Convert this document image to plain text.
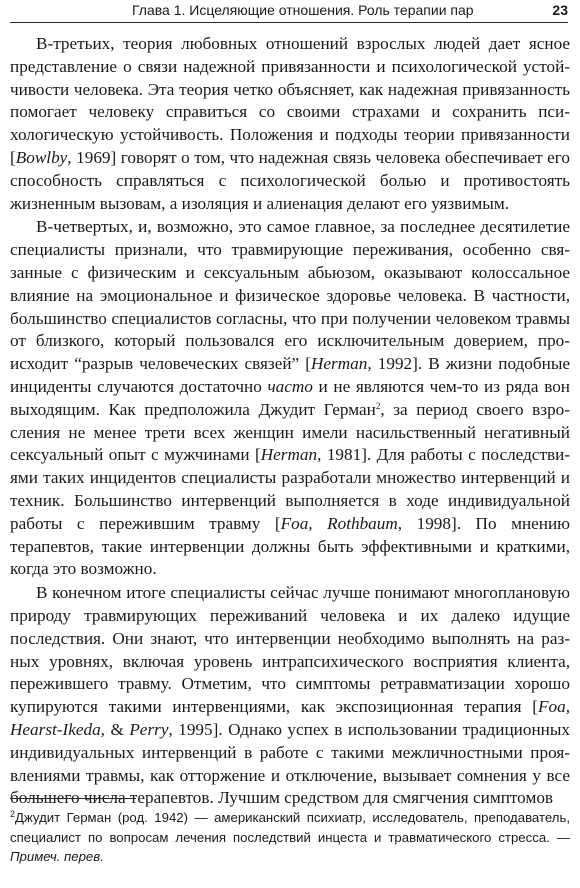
Глава 1. Исцеляющие отношения. Роль терапии пар	23

В-третьих, теория любовных отношений взрослых людей дает ясное представление о связи надежной привязанности и психологической устойчивости человека. Эта теория четко объясняет, как надежная привязанность помогает человеку справиться со своими страхами и сохранить психологическую устойчивость. Положения и подходы теории привязанности [Bowlby, 1969] говорят о том, что надежная связь человека обеспечивает его способность справляться с психологической болью и противостоять жизненным вызовам, а изоляция и алиенация делают его уязвимым.

В-четвертых, и, возможно, это самое главное, за последнее десятилетие специалисты признали, что травмирующие переживания, особенно связанные с физическим и сексуальным абьюзом, оказывают колоссальное влияние на эмоциональное и физическое здоровье человека. В частности, большинство специалистов согласны, что при получении человеком травмы от близкого, который пользовался его исключительным доверием, происходит “разрыв человеческих связей” [Herman, 1992]. В жизни подобные инциденты случаются достаточно часто и не являются чем-то из ряда вон выходящим. Как предположила Джудит Герман$^2$, за период своего взросления не менее трети всех женщин имели насильственный негативный сексуальный опыт с мужчинами [Herman, 1981]. Для работы с последствиями таких инцидентов специалисты разработали множество интервенций и техник. Большинство интервенций выполняется в ходе индивидуальной работы с пережившим травму [Foa, Rothbaum, 1998]. По мнению терапевтов, такие интервенции должны быть эффективными и краткими, когда это возможно.

В конечном итоге специалисты сейчас лучше понимают многоплановую природу травмирующих переживаний человека и их далеко идущие последствия. Они знают, что интервенции необходимо выполнять на разных уровнях, включая уровень интрапсихического восприятия клиента, пережившего травму. Отметим, что симптомы ретравматизации хорошо купируются такими интервенциями, как экспозиционная терапия [Foa, Hearst-Ikeda, & Perry, 1995]. Однако успех в использовании традиционных индивидуальных интервенций в работе с такими межличностными проявлениями травмы, как отторжение и отключение, вызывает сомнения у все большего числа терапевтов. Лучшим средством для смягчения симптомов

$^2$Джудит Герман (род. 1942) — американский психиатр, исследователь, преподаватель, специалист по вопросам лечения последствий инцеста и травматического стресса. — Примеч. перев.
